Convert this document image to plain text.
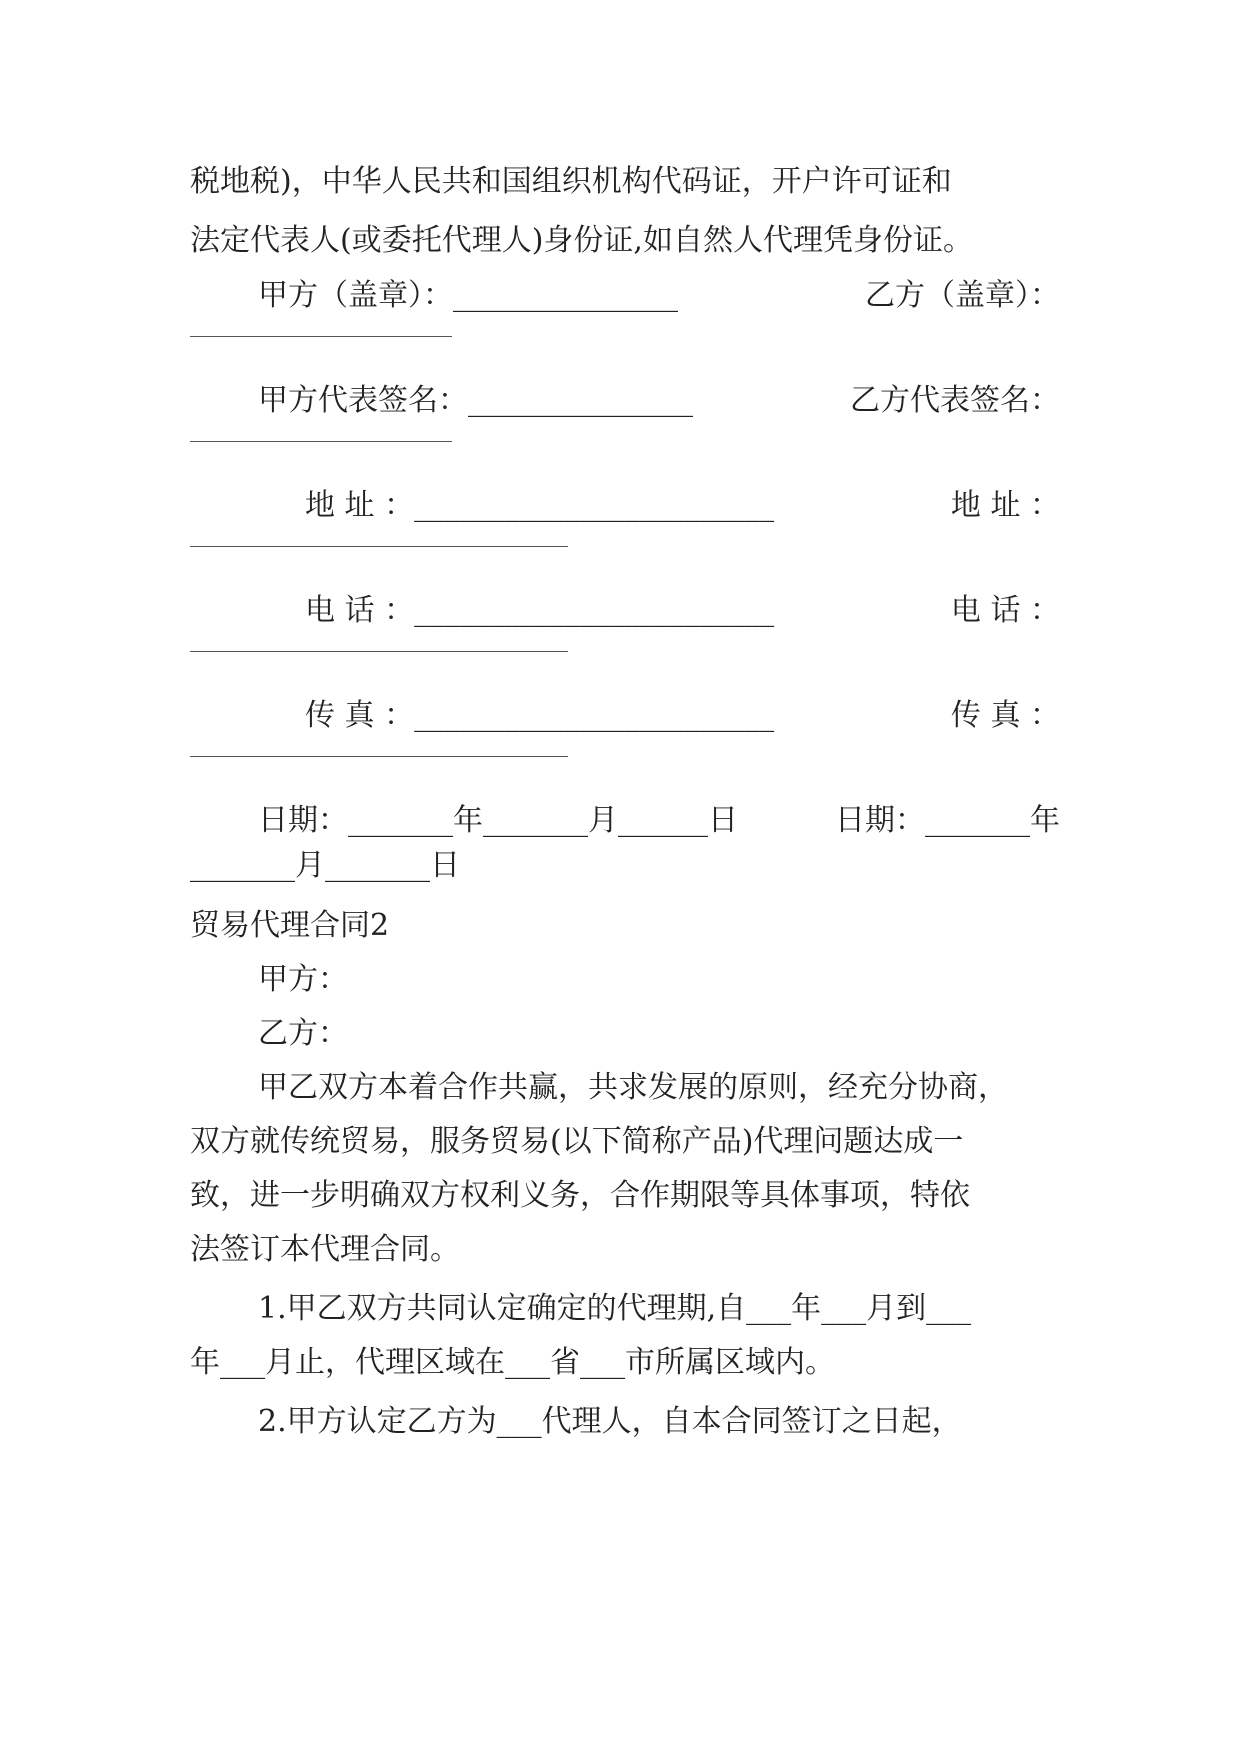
税地税)，中华人民共和国组织机构代码证，开户许可证和
法定代表人(或委托代理人)身份证,如自然人代理凭身份证。
甲方（盖章）：_______________	乙方（盖章）：
甲方代表签名：_______________	乙方代表签名：
地 址 ：________________________	地 址 ：
电 话 ：________________________	电 话 ：
传 真 ：________________________	传 真 ：
日期：_______年_______月______日	日期：_______年
_______月_______日
贸易代理合同2
甲方：
乙方：
甲乙双方本着合作共赢，共求发展的原则，经充分协商，
双方就传统贸易，服务贸易(以下简称产品)代理问题达成一
致，进一步明确双方权利义务，合作期限等具体事项，特依
法签订本代理合同。
1.甲乙双方共同认定确定的代理期,自___年___月到___
年___月止，代理区域在___省___市所属区域内。
2.甲方认定乙方为___代理人，自本合同签订之日起，
